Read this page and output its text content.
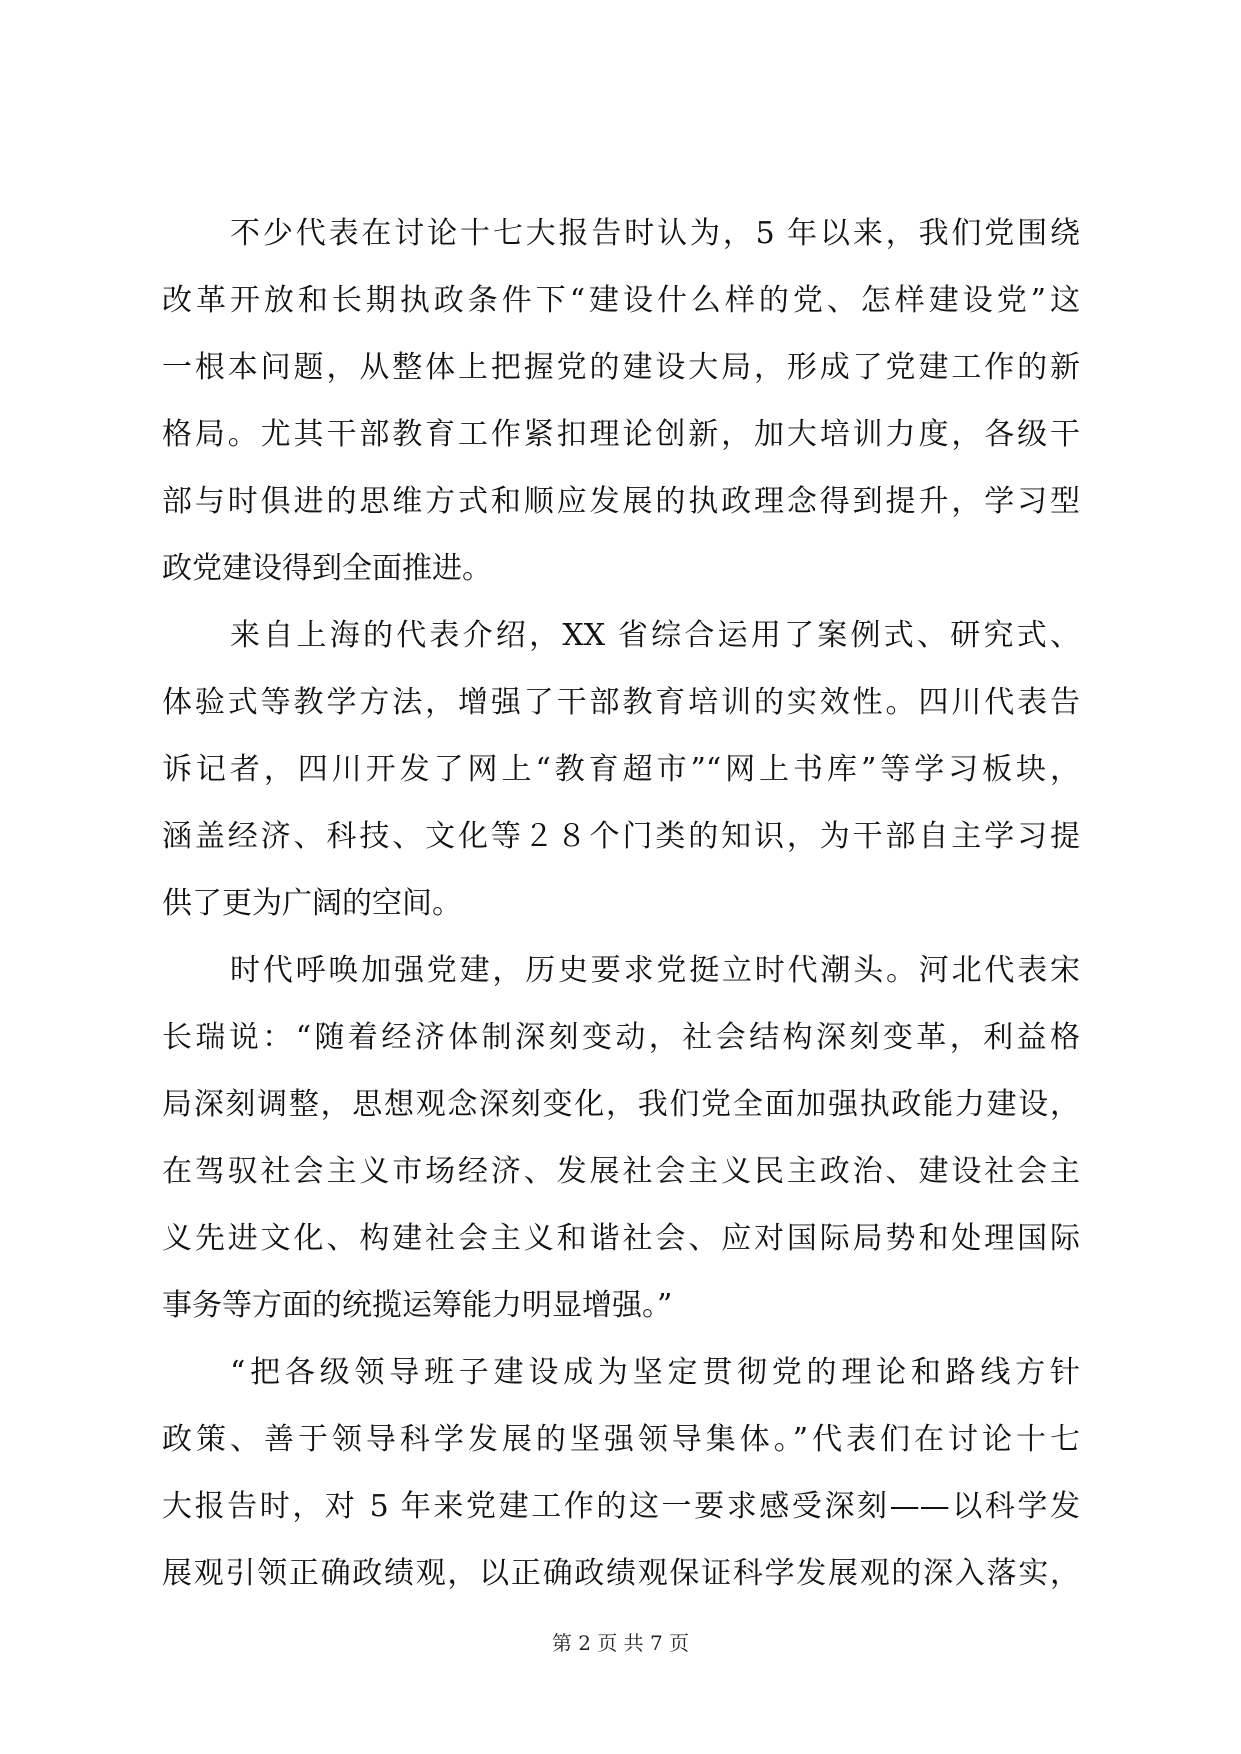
不少代表在讨论十七大报告时认为，5 年以来，我们党围绕
改革开放和长期执政条件下“建设什么样的党、怎样建设党”这
一根本问题，从整体上把握党的建设大局，形成了党建工作的新
格局。尤其干部教育工作紧扣理论创新，加大培训力度，各级干
部与时俱进的思维方式和顺应发展的执政理念得到提升，学习型
政党建设得到全面推进。
来自上海的代表介绍，XX 省综合运用了案例式、研究式、
体验式等教学方法，增强了干部教育培训的实效性。四川代表告
诉记者，四川开发了网上“教育超市”“网上书库”等学习板块，
涵盖经济、科技、文化等２８个门类的知识，为干部自主学习提
供了更为广阔的空间。
时代呼唤加强党建，历史要求党挺立时代潮头。河北代表宋
长瑞说：“随着经济体制深刻变动，社会结构深刻变革，利益格
局深刻调整，思想观念深刻变化，我们党全面加强执政能力建设，
在驾驭社会主义市场经济、发展社会主义民主政治、建设社会主
义先进文化、构建社会主义和谐社会、应对国际局势和处理国际
事务等方面的统揽运筹能力明显增强。”
“把各级领导班子建设成为坚定贯彻党的理论和路线方针
政策、善于领导科学发展的坚强领导集体。”代表们在讨论十七
大报告时，对 5 年来党建工作的这一要求感受深刻——以科学发
展观引领正确政绩观，以正确政绩观保证科学发展观的深入落实，
第 2 页 共 7 页
